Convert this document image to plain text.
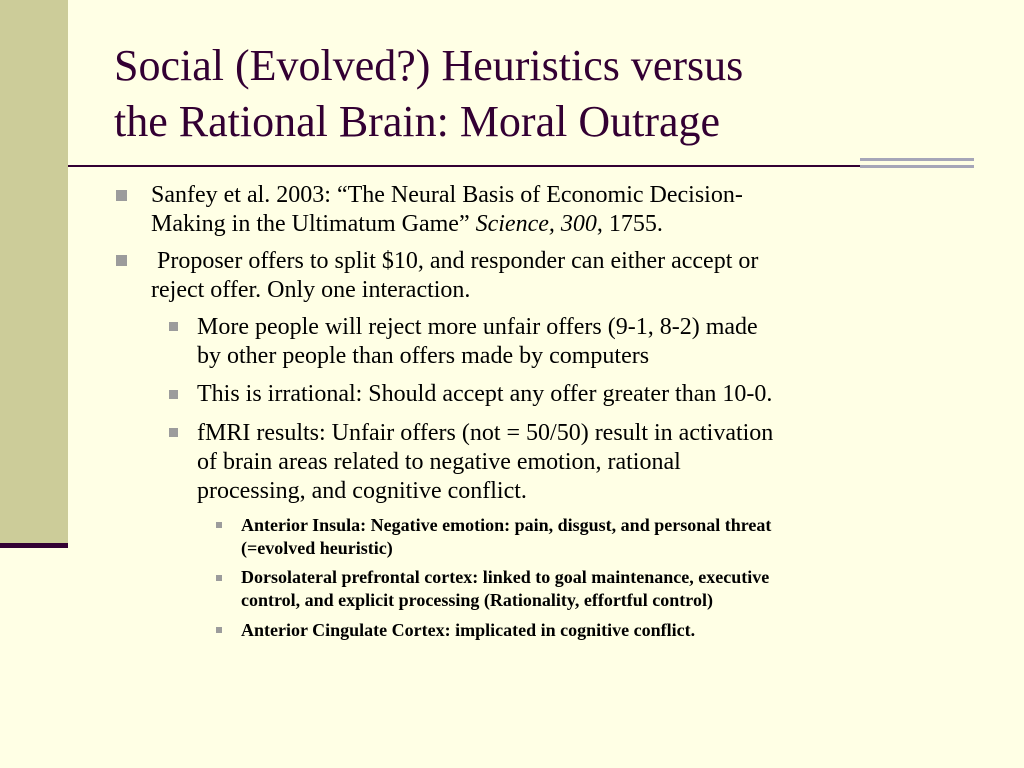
Social (Evolved?) Heuristics versus
the Rational Brain: Moral Outrage
Sanfey et al. 2003: “The Neural Basis of Economic Decision-
Making in the Ultimatum Game” Science, 300, 1755.
Proposer offers to split $10, and responder can either accept or
reject offer. Only one interaction.
More people will reject more unfair offers (9-1, 8-2) made
by other people than offers made by computers
This is irrational: Should accept any offer greater than 10-0.
fMRI results: Unfair offers (not = 50/50) result in activation
of brain areas related to negative emotion, rational
processing, and cognitive conflict.
Anterior Insula: Negative emotion: pain, disgust, and personal threat
(=evolved heuristic)
Dorsolateral prefrontal cortex: linked to goal maintenance, executive
control, and explicit processing (Rationality, effortful control)
Anterior Cingulate Cortex: implicated in cognitive conflict.
